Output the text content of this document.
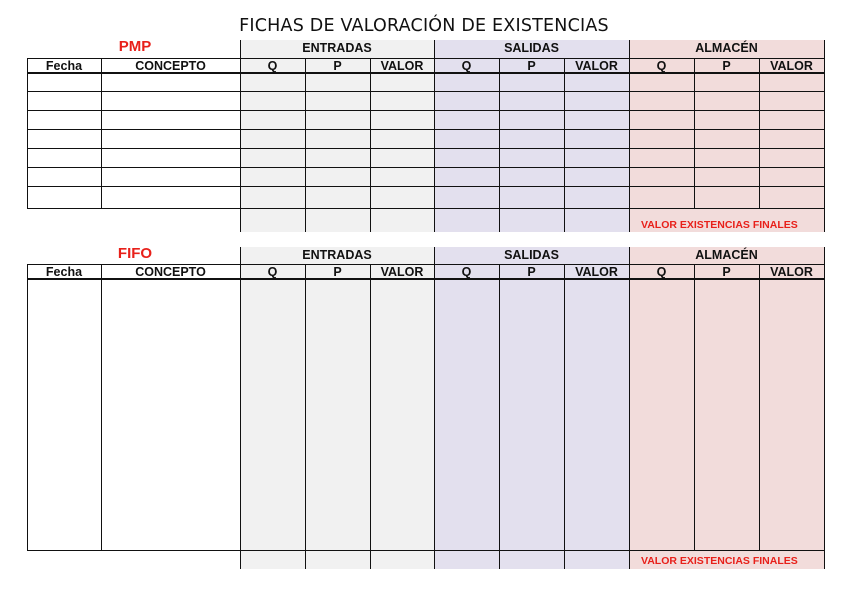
FICHAS DE VALORACIÓN DE EXISTENCIAS
PMP	ENTRADAS	SALIDAS	ALMACÉN
Fecha	CONCEPTO	Q	P	VALOR	Q	P	VALOR	Q	P	VALOR
VALOR EXISTENCIAS FINALES
FIFO	ENTRADAS	SALIDAS	ALMACÉN
Fecha	CONCEPTO	Q	P	VALOR	Q	P	VALOR	Q	P	VALOR
VALOR EXISTENCIAS FINALES
